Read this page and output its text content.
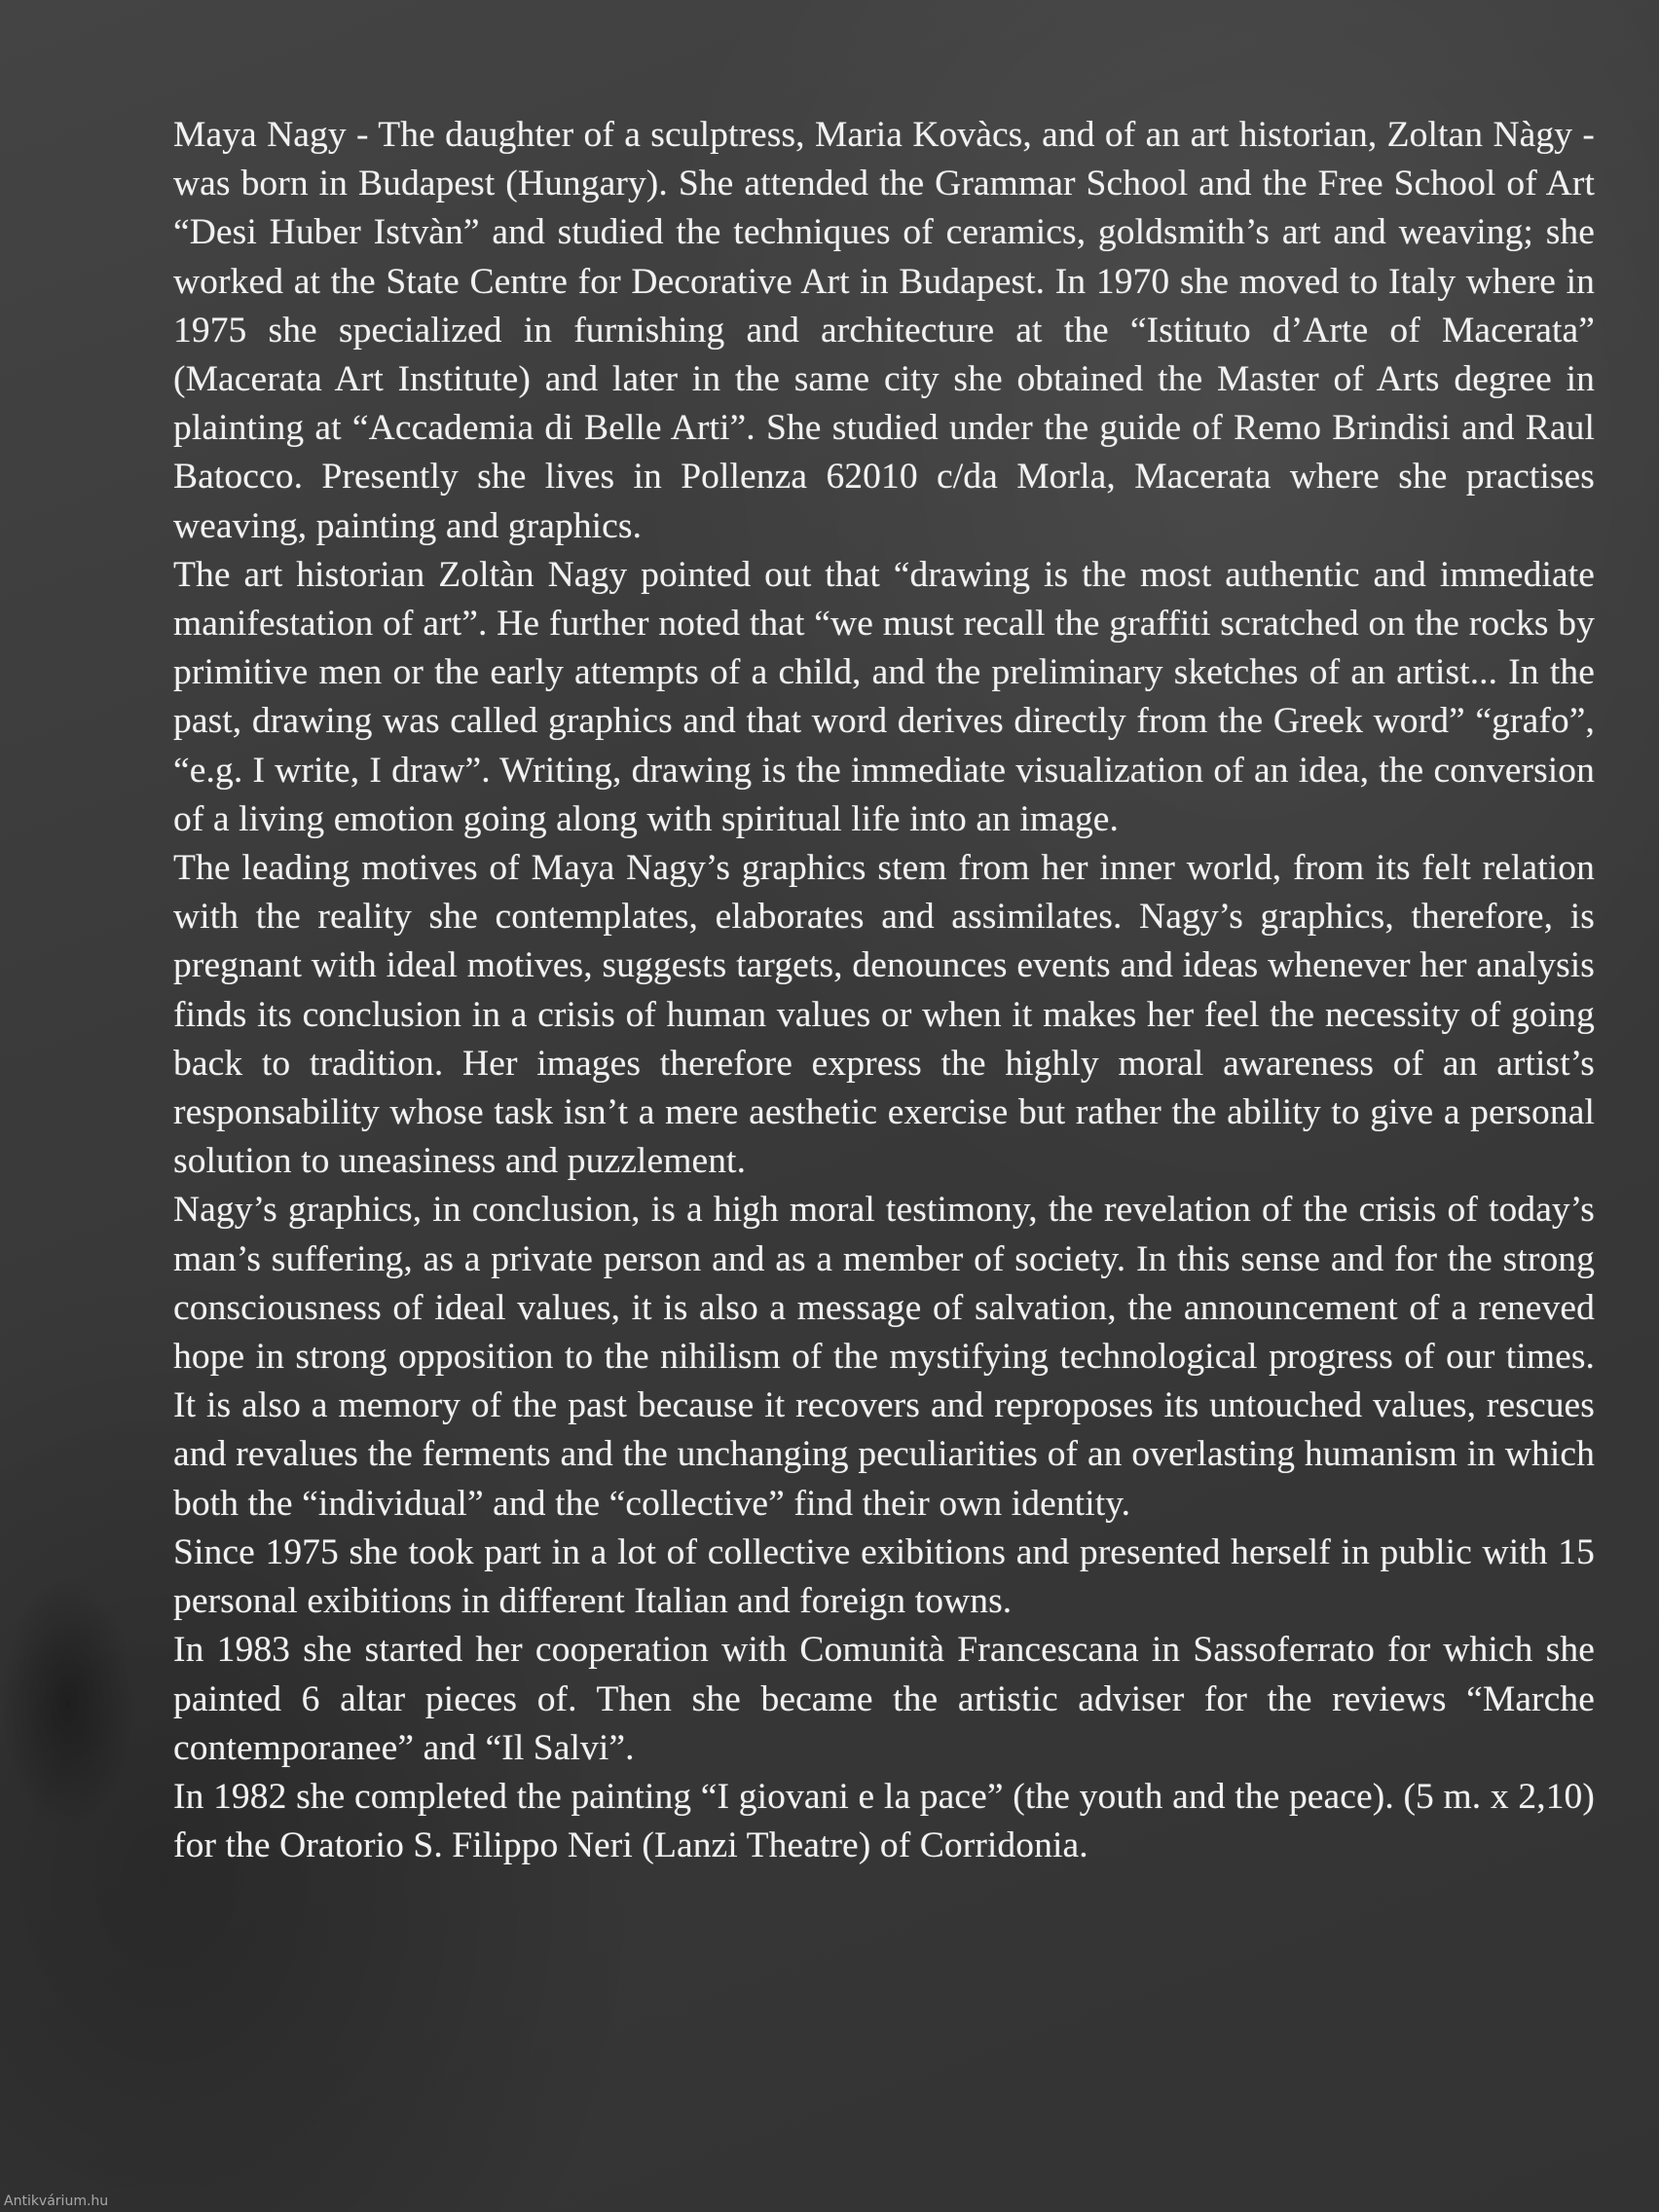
Maya Nagy - The daughter of a sculptress, Maria Kovàcs, and of an art historian, Zoltan Nàgy - was born in Budapest (Hungary). She attended the Grammar School and the Free School of Art “Desi Huber Istvàn” and studied the techniques of ceramics, goldsmith’s art and weaving; she worked at the State Centre for Decorative Art in Budapest. In 1970 she moved to Italy where in 1975 she specialized in furnishing and architecture at the “Istituto d’Arte of Macerata” (Macerata Art Institute) and later in the same city she obtained the Master of Arts degree in plainting at “Accademia di Belle Arti”. She studied under the guide of Remo Brindisi and Raul Batocco. Presently she lives in Pollenza 62010 c/da Morla, Macerata where she practises weaving, painting and graphics.

The art historian Zoltàn Nagy pointed out that “drawing is the most authentic and immediate manifestation of art”. He further noted that “we must recall the graffiti scratched on the rocks by primitive men or the early attempts of a child, and the preliminary sketches of an artist... In the past, drawing was called graphics and that word derives directly from the Greek word” “grafo”, “e.g. I write, I draw”. Writing, drawing is the immediate visualization of an idea, the conversion of a living emotion going along with spiritual life into an image.

The leading motives of Maya Nagy’s graphics stem from her inner world, from its felt relation with the reality she contemplates, elaborates and assimilates. Nagy’s graphics, therefore, is pregnant with ideal motives, suggests targets, denounces events and ideas whenever her analysis finds its conclusion in a crisis of human values or when it makes her feel the necessity of going back to tradition. Her images therefore express the highly moral awareness of an artist’s responsability whose task isn’t a mere aesthetic exercise but rather the ability to give a personal solution to uneasiness and puzzlement.

Nagy’s graphics, in conclusion, is a high moral testimony, the revelation of the crisis of today’s man’s suffering, as a private person and as a member of society. In this sense and for the strong consciousness of ideal values, it is also a message of salvation, the announcement of a reneved hope in strong opposition to the nihilism of the mystifying technological progress of our times. It is also a memory of the past because it recovers and reproposes its untouched values, rescues and revalues the ferments and the unchanging peculiarities of an overlasting humanism in which both the “individual” and the “collective” find their own identity.

Since 1975 she took part in a lot of collective exibitions and presented herself in public with 15 personal exibitions in different Italian and foreign towns.

In 1983 she started her cooperation with Comunità Francescana in Sassoferrato for which she painted 6 altar pieces of. Then she became the artistic adviser for the reviews “Marche contemporanee” and “Il Salvi”.

In 1982 she completed the painting “I giovani e la pace” (the youth and the peace). (5 m. x 2,10) for the Oratorio S. Filippo Neri (Lanzi Theatre) of Corridonia.

Antikvárium.hu
